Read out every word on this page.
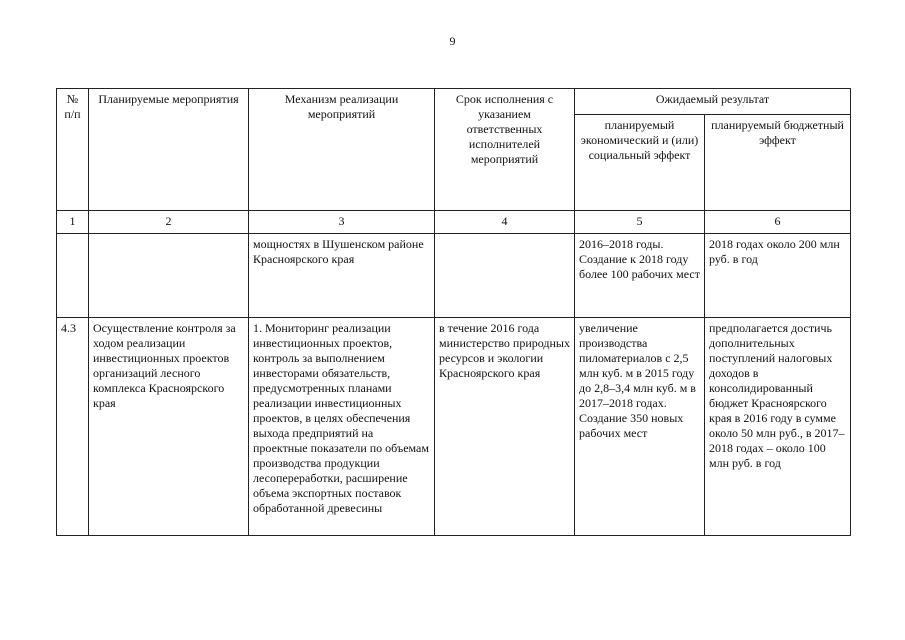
9
№ п/п	Планируемые мероприятия	Механизм реализации мероприятий	Срок исполнения с указанием ответственных исполнителей мероприятий	Ожидаемый результат	
				планируемый экономический и (или) социальный эффект	планируемый бюджетный эффект
1	2	3	4	5	6
		мощностях в Шушенском районе Красноярского края		2016–2018 годы. Создание к 2018 году более 100 рабочих мест	2018 годах около 200 млн руб. в год
4.3	Осуществление контроля за ходом реализации инвестиционных проектов организаций лесного комплекса Красноярского края	1. Мониторинг реализации инвестиционных проектов, контроль за выполнением инвесторами обязательств, предусмотренных планами реализации инвестиционных проектов, в целях обеспечения выхода предприятий на проектные показатели по объемам производства продукции лесопереработки, расширение объема экспортных поставок обработанной древесины	в течение 2016 года министерство природных ресурсов и экологии Красноярского края	увеличение производства пиломатериалов с 2,5 млн куб. м в 2015 году до 2,8–3,4 млн куб. м в 2017–2018 годах. Создание 350 новых рабочих мест	предполагается достичь дополнительных поступлений налоговых доходов в консолидированный бюджет Красноярского края в 2016 году в сумме около 50 млн руб., в 2017–2018 годах – около 100 млн руб. в год
